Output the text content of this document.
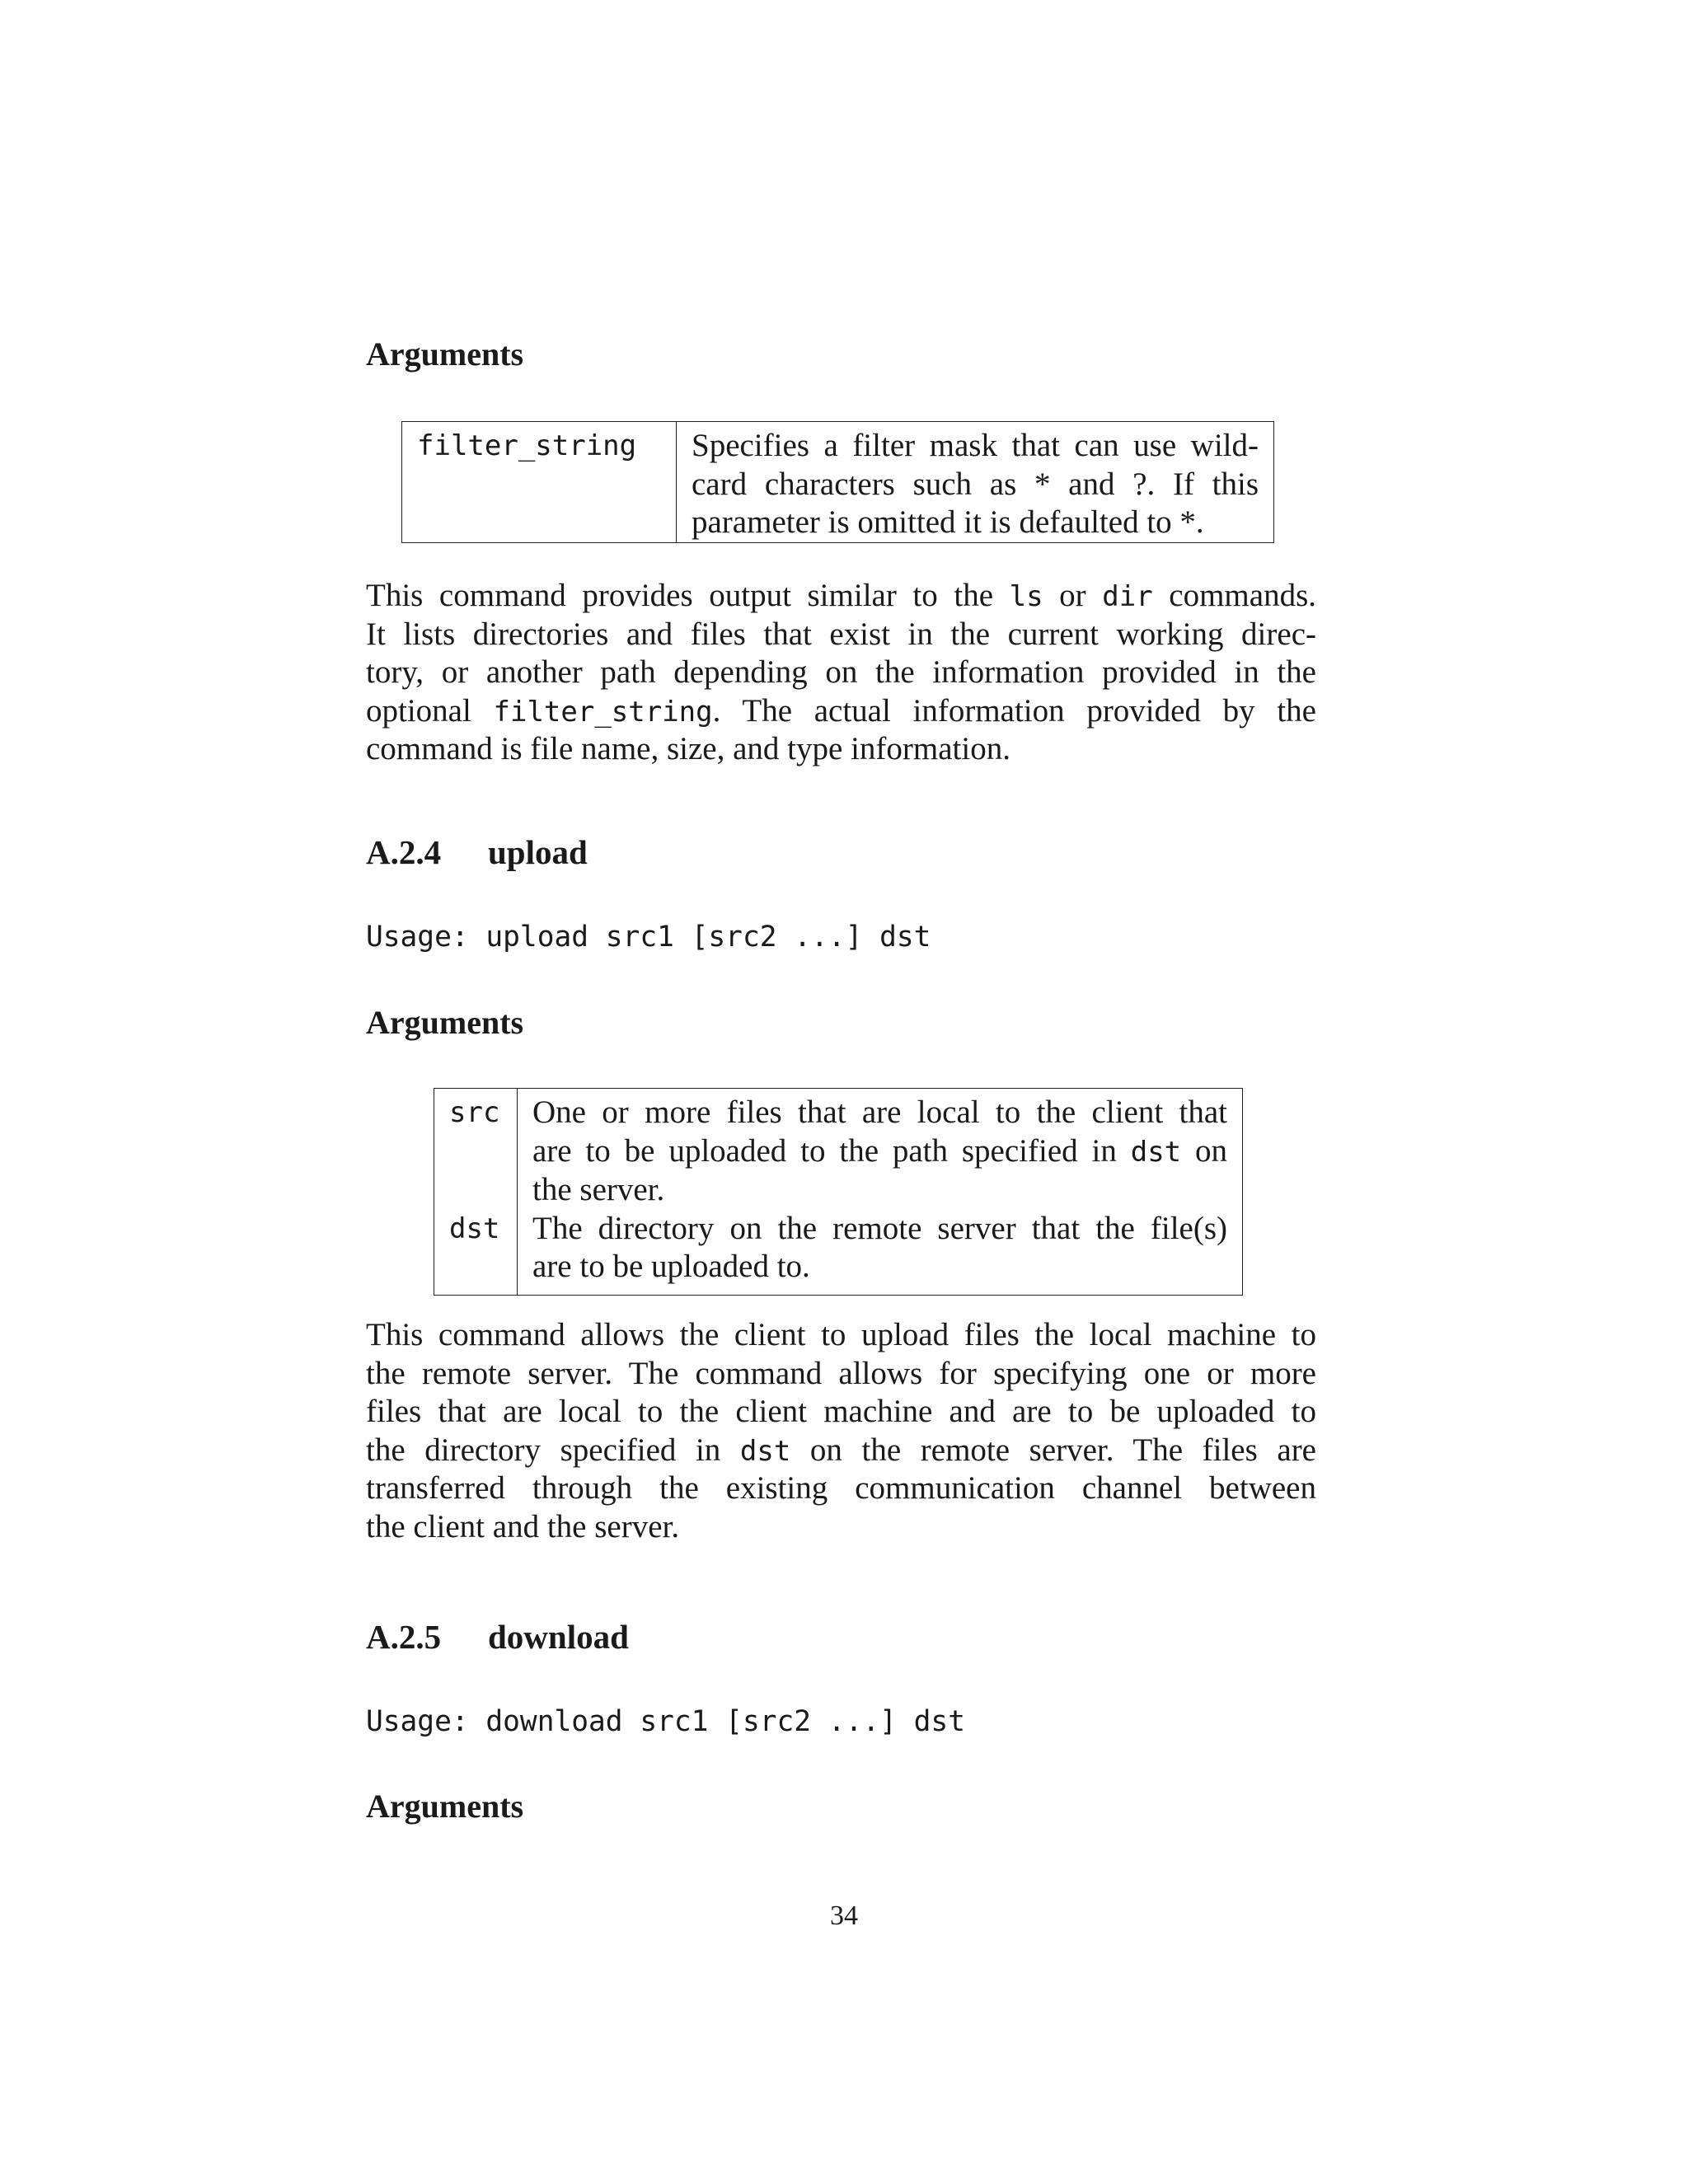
Arguments
filter_string	Specifies a filter mask that can use wild-
card characters such as * and ?. If this
parameter is omitted it is defaulted to *.
This command provides output similar to the ls or dir commands.
It lists directories and files that exist in the current working direc-
tory, or another path depending on the information provided in the
optional filter_string. The actual information provided by the
command is file name, size, and type information.
A.2.4 upload
Usage: upload src1 [src2 ...] dst
Arguments
src	One or more files that are local to the client that
are to be uploaded to the path specified in dst on
the server.

dst	The directory on the remote server that the file(s)
are to be uploaded to.
This command allows the client to upload files the local machine to
the remote server. The command allows for specifying one or more
files that are local to the client machine and are to be uploaded to
the directory specified in dst on the remote server. The files are
transferred through the existing communication channel between
the client and the server.
A.2.5 download
Usage: download src1 [src2 ...] dst
Arguments
34
